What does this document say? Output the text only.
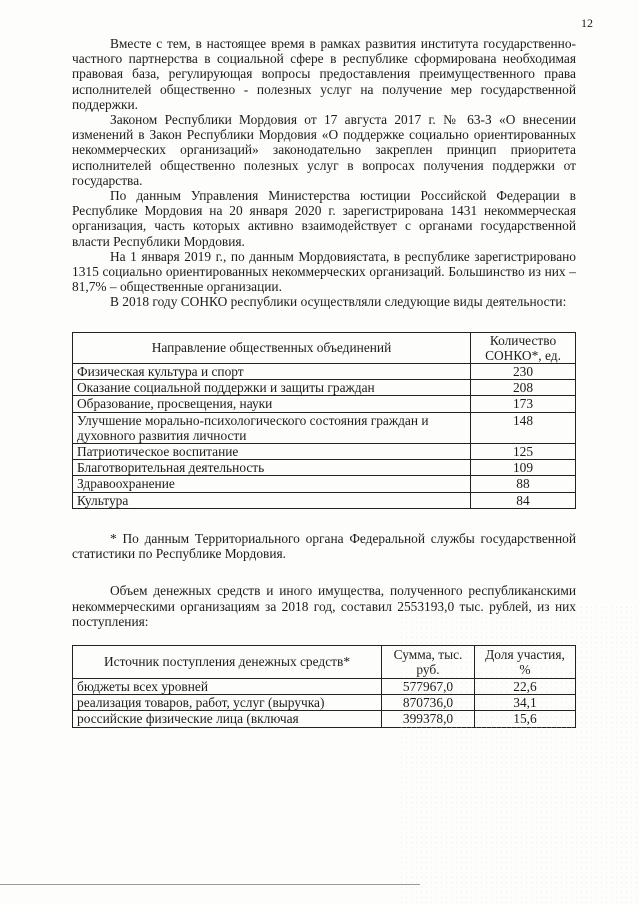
12

Вместе с тем, в настоящее время в рамках развития института государственно-частного партнерства в социальной сфере в республике сформирована необходимая правовая база, регулирующая вопросы предоставления преимущественного права исполнителей общественно - полезных услуг на получение мер государственной поддержки.

Законом Республики Мордовия от 17 августа 2017 г. № 63-З «О внесении изменений в Закон Республики Мордовия «О поддержке социально ориентированных некоммерческих организаций» законодательно закреплен принцип приоритета исполнителей общественно полезных услуг в вопросах получения поддержки от государства.

По данным Управления Министерства юстиции Российской Федерации в Республике Мордовия на 20 января 2020 г. зарегистрирована 1431 некоммерческая организация, часть которых активно взаимодействует с органами государственной власти Республики Мордовия.

На 1 января 2019 г., по данным Мордовиястата, в республике зарегистрировано 1315 социально ориентированных некоммерческих организаций. Большинство из них – 81,7% – общественные организации.

В 2018 году СОНКО республики осуществляли следующие виды деятельности:

Направление общественных объединений	Количество СОНКО*, ед.
Физическая культура и спорт	230
Оказание социальной поддержки и защиты граждан	208
Образование, просвещения, науки	173
Улучшение морально-психологического состояния граждан и духовного развития личности	148
Патриотическое воспитание	125
Благотворительная деятельность	109
Здравоохранение	88
Культура	84

* По данным Территориального органа Федеральной службы государственной статистики по Республике Мордовия.

Объем денежных средств и иного имущества, полученного республиканскими некоммерческими организациям за 2018 год, составил 2553193,0 тыс. рублей, из них поступления:

Источник поступления денежных средств*	Сумма, тыс. руб.	Доля участия, %
бюджеты всех уровней	577967,0	22,6
реализация товаров, работ, услуг (выручка)	870736,0	34,1
российские физические лица (включая	399378,0	15,6
